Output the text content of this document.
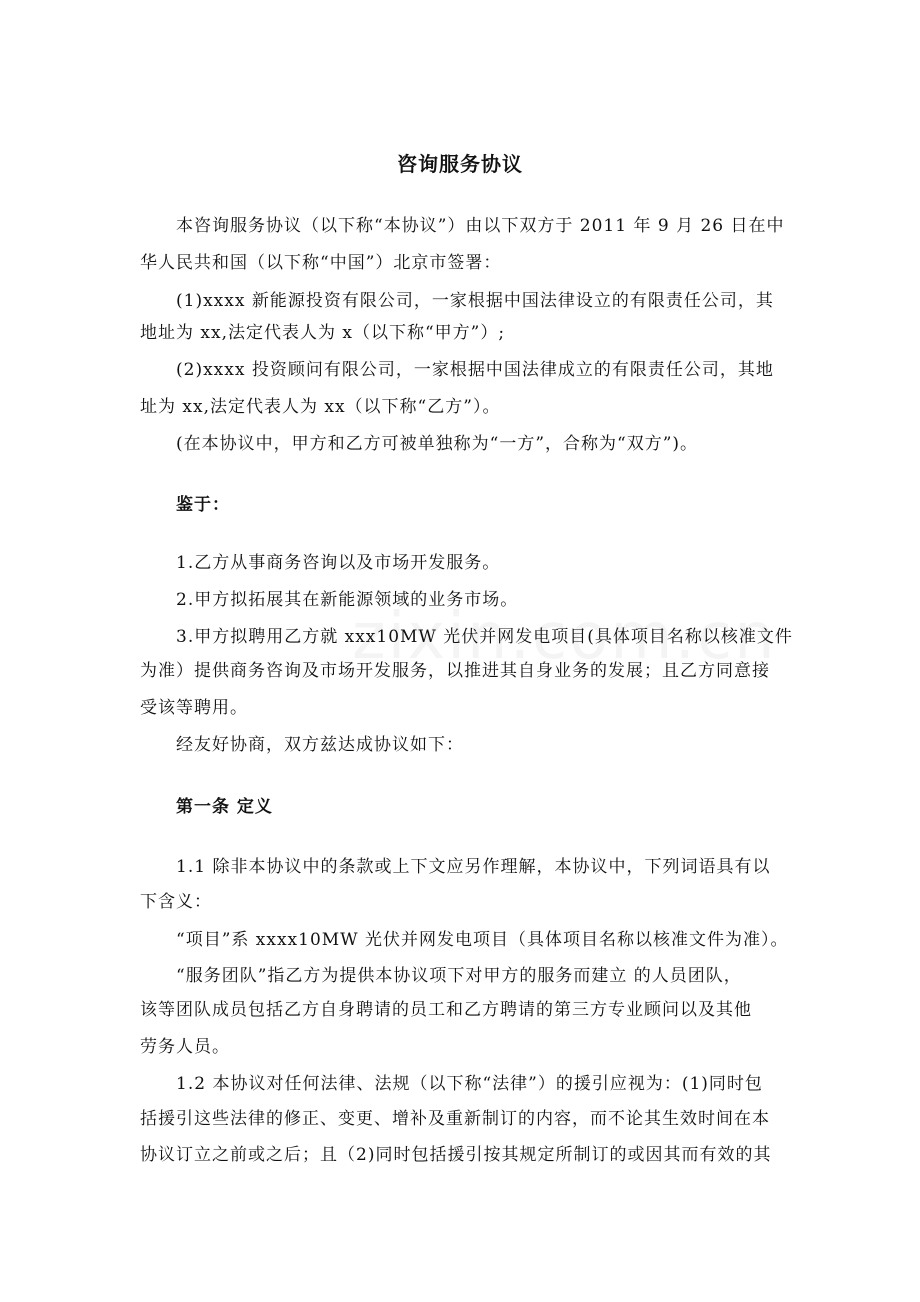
咨询服务协议
本咨询服务协议（以下称“本协议”）由以下双方于 2011 年 9 月 26 日在中
华人民共和国（以下称“中国”）北京市签署：
(1)xxxx 新能源投资有限公司，一家根据中国法律设立的有限责任公司，其
地址为 xx,法定代表人为 x（以下称“甲方”）;
(2)xxxx 投资顾问有限公司，一家根据中国法律成立的有限责任公司，其地
址为 xx,法定代表人为 xx（以下称“乙方”）。
(在本协议中，甲方和乙方可被单独称为“一方”，合称为“双方”)。
鉴于：
1.乙方从事商务咨询以及市场开发服务。
2.甲方拟拓展其在新能源领域的业务市场。
3.甲方拟聘用乙方就 xxx10MW 光伏并网发电项目(具体项目名称以核准文件
为准）提供商务咨询及市场开发服务，以推进其自身业务的发展；且乙方同意接
受该等聘用。
经友好协商，双方兹达成协议如下：
第一条 定义
1.1 除非本协议中的条款或上下文应另作理解，本协议中，下列词语具有以
下含义：
“项目”系 xxxx10MW 光伏并网发电项目（具体项目名称以核准文件为准）。
“服务团队”指乙方为提供本协议项下对甲方的服务而建立 的人员团队，
该等团队成员包括乙方自身聘请的员工和乙方聘请的第三方专业顾问以及其他
劳务人员。
1.2 本协议对任何法律、法规（以下称“法律”）的援引应视为：(1)同时包
括援引这些法律的修正、变更、增补及重新制订的内容，而不论其生效时间在本
协议订立之前或之后；且（2)同时包括援引按其规定所制订的或因其而有效的其
